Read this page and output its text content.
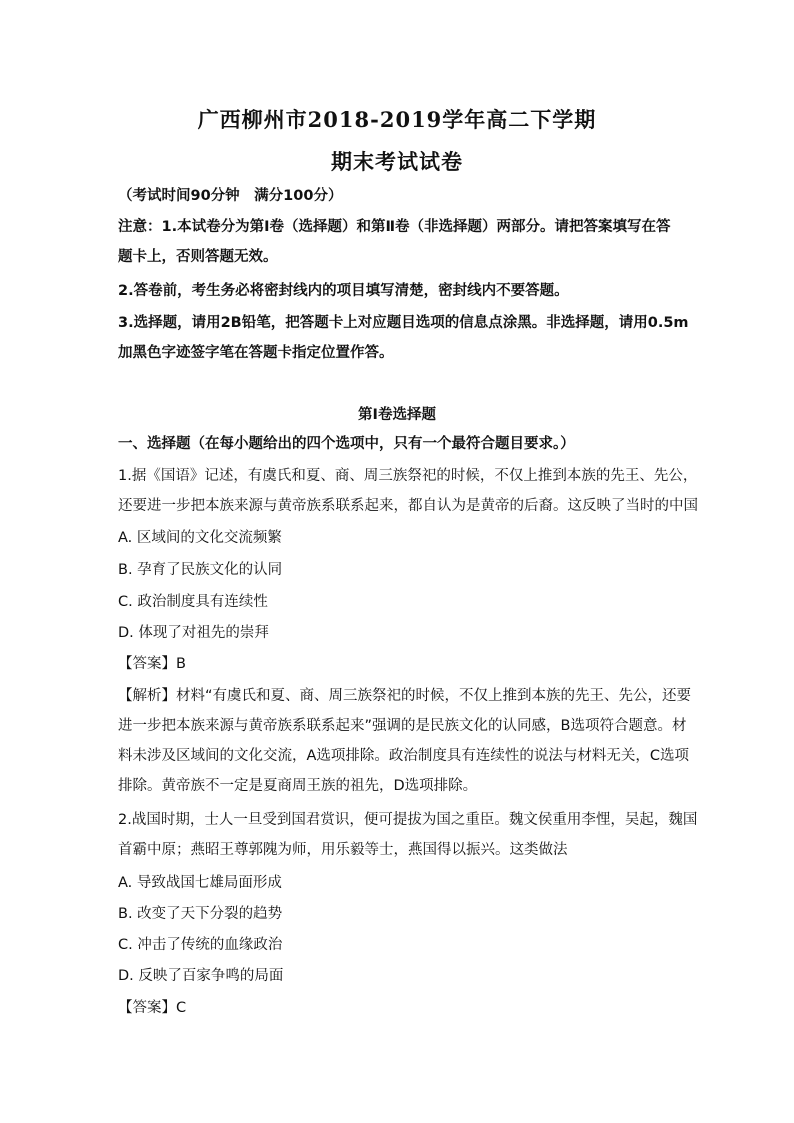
广西柳州市2018-2019学年高二下学期
期末考试试卷
（考试时间90分钟　满分100分）
注意：1.本试卷分为第Ⅰ卷（选择题）和第Ⅱ卷（非选择题）两部分。请把答案填写在答
题卡上，否则答题无效。
2.答卷前，考生务必将密封线内的项目填写清楚，密封线内不要答题。
3.选择题，请用2B铅笔，把答题卡上对应题目选项的信息点涂黑。非选择题，请用0.5m
加黑色字迹签字笔在答题卡指定位置作答。
第Ⅰ卷选择题
一、选择题（在每小题给出的四个选项中，只有一个最符合题目要求。）
1.据《国语》记述，有虞氏和夏、商、周三族祭祀的时候，不仅上推到本族的先王、先公，
还要进一步把本族来源与黄帝族系联系起来，都自认为是黄帝的后裔。这反映了当时的中国
A. 区域间的文化交流频繁
B. 孕育了民族文化的认同
C. 政治制度具有连续性
D. 体现了对祖先的崇拜
【答案】B
【解析】材料“有虞氏和夏、商、周三族祭祀的时候，不仅上推到本族的先王、先公，还要
进一步把本族来源与黄帝族系联系起来”强调的是民族文化的认同感，B选项符合题意。材
料未涉及区域间的文化交流，A选项排除。政治制度具有连续性的说法与材料无关，C选项
排除。黄帝族不一定是夏商周王族的祖先，D选项排除。
2.战国时期，士人一旦受到国君赏识，便可提拔为国之重臣。魏文侯重用李悝，吴起，魏国
首霸中原；燕昭王尊郭隗为师，用乐毅等士，燕国得以振兴。这类做法
A. 导致战国七雄局面形成
B. 改变了天下分裂的趋势
C. 冲击了传统的血缘政治
D. 反映了百家争鸣的局面
【答案】C
